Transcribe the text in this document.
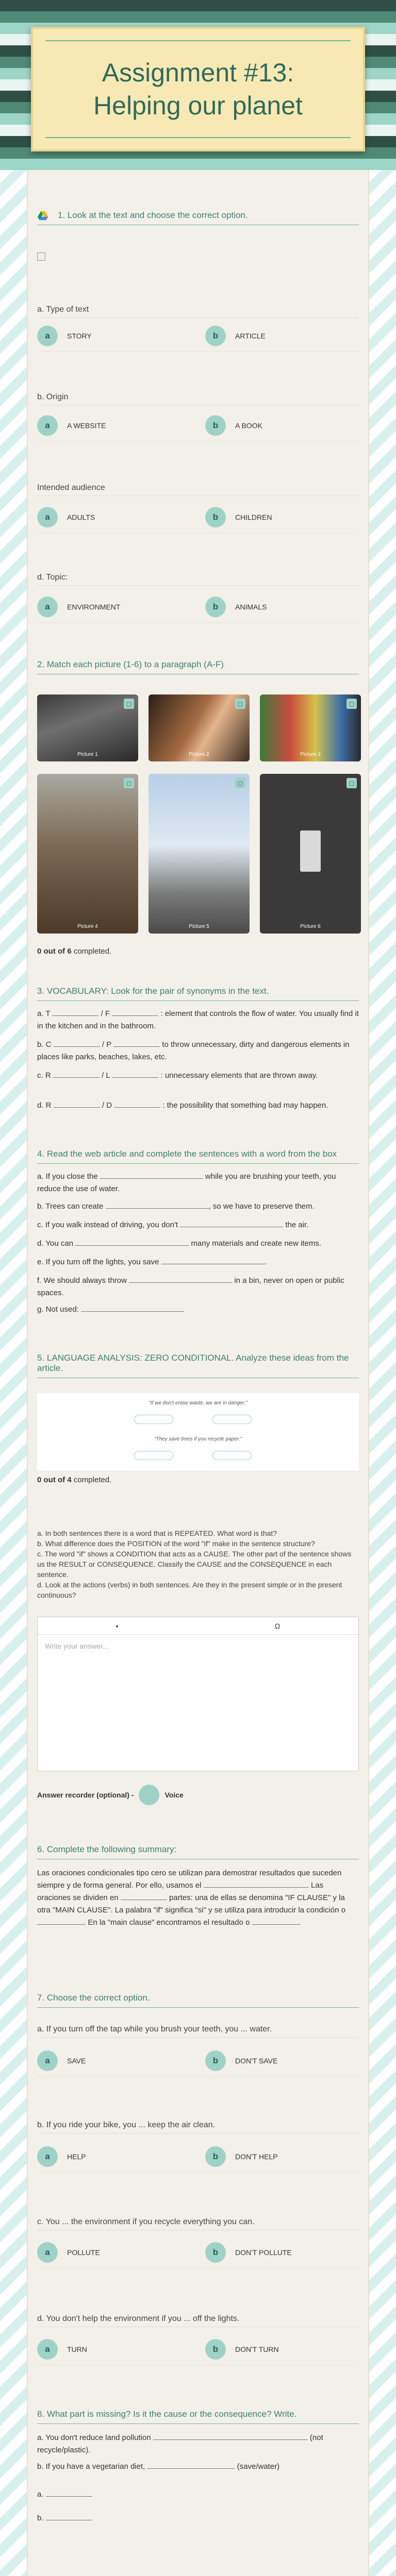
Assignment #13: Helping our planet
1. Look at the text and choose the correct option.
a. Type of text
a	STORY	b	ARTICLE
b. Origin
a	A WEBSITE	b	A BOOK
Intended audience
a	ADULTS	b	CHILDREN
d. Topic:
a	ENVIRONMENT	b	ANIMALS
2. Match each picture (1-6) to a paragraph (A-F)
▢
Picture 1
▢
Picture 2
▢
Picture 3
▢
Picture 4
▢
Picture 5
▢
Picture 6
0 out of 6 completed.
3. VOCABULARY: Look for the pair of synonyms in the text.
a. T	/ F	: element that controls the flow of water. You usually find it in the kitchen and in the bathroom.
b. C	/ P	to throw unnecessary, dirty and dangerous elements in places like parks, beaches, lakes, etc.
c. R	/ L	: unnecessary elements that are thrown away.
d. R	/ D	: the possibility that something bad may happen.
4. Read the web article and complete the sentences with a word from the box
a. If you close the	while you are brushing your teeth, you reduce the use of water.
b. Trees can create	, so we have to preserve them.
c. If you walk instead of driving, you don't	the air.
d. You can	many materials and create new items.
e. If you turn off the lights, you save	.
f. We should always throw	in a bin, never on open or public spaces.
g. Not used:
5. LANGUAGE ANALYSIS: ZERO CONDITIONAL. Analyze these ideas from the article.
"If we don't erase waste, we are in danger."
"They save trees if you recycle paper."
0 out of 4 completed.
a. In both sentences there is a word that is REPEATED. What word is that?
b. What difference does the POSITION of the word "if" make in the sentence structure?
c. The word "if" shows a CONDITION that acts as a CAUSE. The other part of the sentence shows us the RESULT or CONSEQUENCE. Classify the CAUSE and the CONSEQUENCE in each sentence.
d. Look at the actions (verbs) in both sentences. Are they in the present simple or in the present continuous?
•	Ω
Write your answer...
Answer recorder (optional) -	Voice
6. Complete the following summary:
Las oraciones condicionales tipo cero se utilizan para demostrar resultados que suceden siempre y de forma general. Por ello, usamos el	. Las oraciones se dividen en	partes: una de ellas se denomina "IF CLAUSE" y la otra "MAIN CLAUSE". La palabra "if" significa "si" y se utiliza para introducir la condición o . En la "main clause" encontramos el resultado o	.
7. Choose the correct option.
a. If you turn off the tap while you brush your teeth, you ... water.
a	SAVE	b	DON'T SAVE
b. If you ride your bike, you ... keep the air clean.
a	HELP	b	DON'T HELP
c. You ... the environment if you recycle everything you can.
a	POLLUTE	b	DON'T POLLUTE
d. You don't help the environment if you ... off the lights.
a	TURN	b	DON'T TURN
8. What part is missing? Is it the cause or the consequence? Write.
a. You don't reduce land pollution	(not recycle/plastic).
b. If you have a vegetarian diet,	(save/water)
a.
b.
